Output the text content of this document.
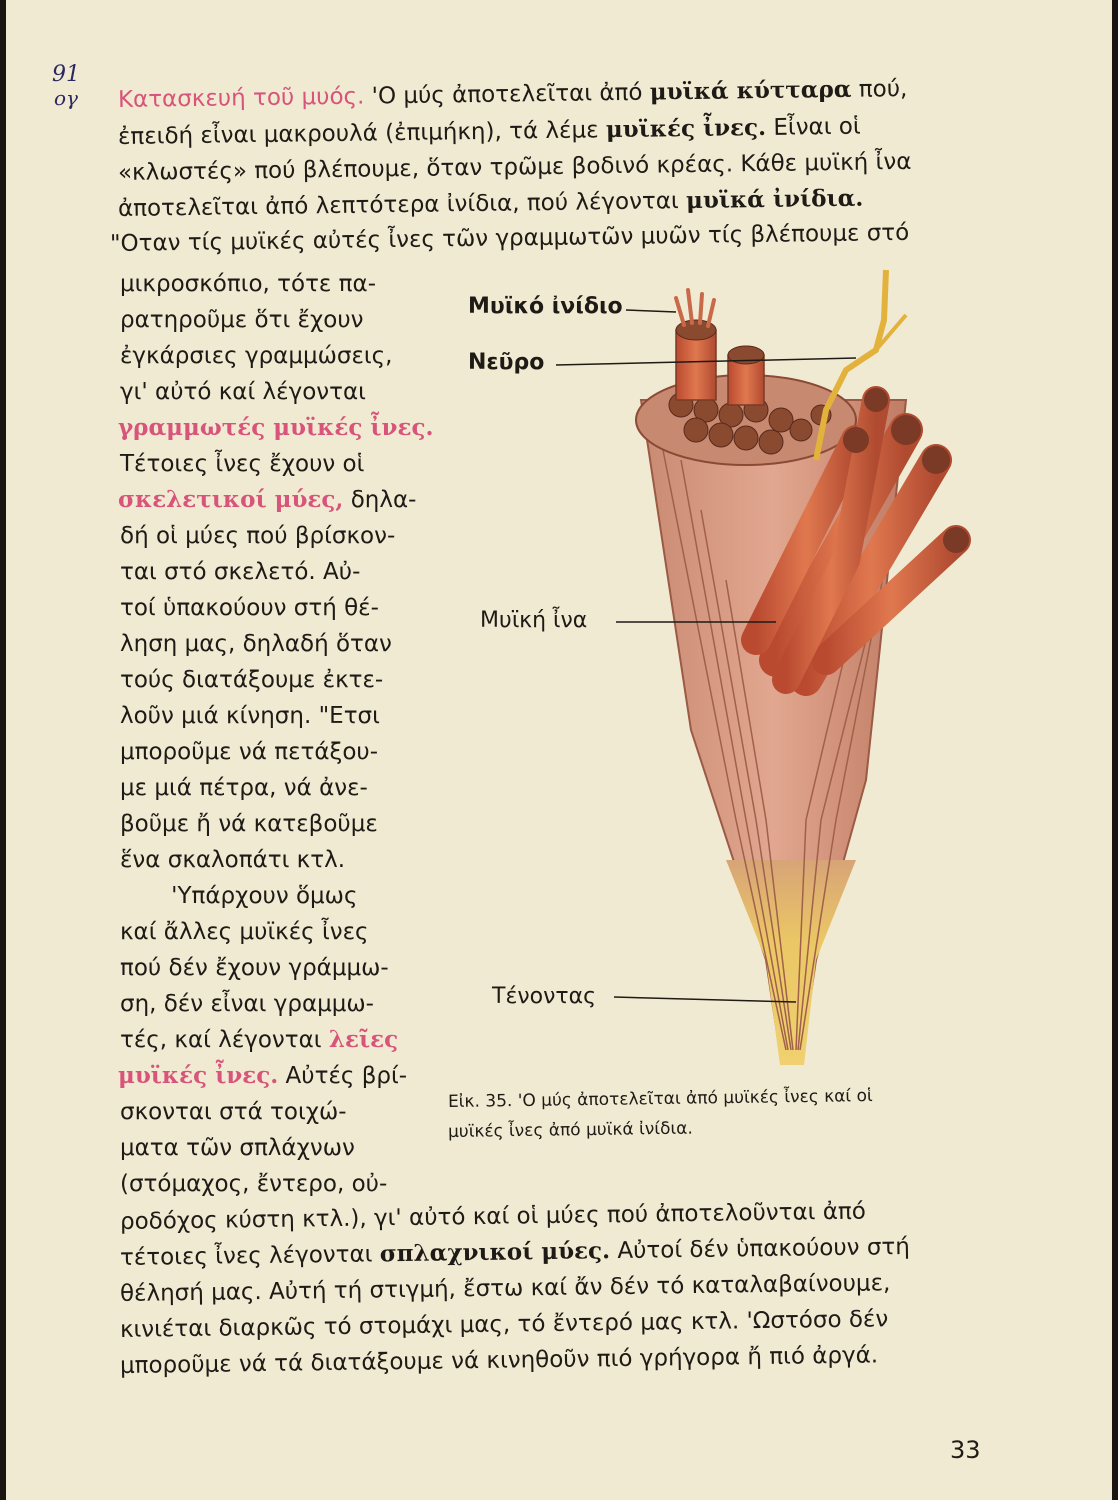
91
ογ Κατασκευή τοῦ μυός. 'Ο μύς ἀποτελεῖται ἀπό μυϊκά κύτταρα πού,
ἐπειδή εἶναι μακρουλά (ἐπιμήκη), τά λέμε μυϊκές ἶνες. Εἶναι οἱ
«κλωστές» πού βλέπουμε, ὅταν τρῶμε βοδινό κρέας. Κάθε μυϊκή ἶνα
ἀποτελεῖται ἀπό λεπτότερα ἰνίδια, πού λέγονται μυϊκά ἰνίδια.
"Οταν τίς μυϊκές αὐτές ἶνες τῶν γραμμωτῶν μυῶν τίς βλέπουμε στό
μικροσκόπιο, τότε πα-
ρατηροῦμε ὅτι ἔχουν
ἐγκάρσιες γραμμώσεις,
γι' αὐτό καί λέγονται
γραμμωτές μυϊκές ἶνες.
Τέτοιες ἶνες ἔχουν οἱ
σκελετικοί μύες, δηλα-
δή οἱ μύες πού βρίσκον-
ται στό σκελετό. Αὐ-
τοί ὑπακούουν στή θέ-
ληση μας, δηλαδή ὅταν
τούς διατάξουμε ἐκτε-
λοῦν μιά κίνηση. "Ετσι
μποροῦμε νά πετάξου-
με μιά πέτρα, νά ἀνε-
βοῦμε ἤ νά κατεβοῦμε
ἕνα σκαλοπάτι κτλ.
'Υπάρχουν ὅμως
καί ἄλλες μυϊκές ἶνες
πού δέν ἔχουν γράμμω-
ση, δέν εἶναι γραμμω-
τές, καί λέγονται λεῖες
μυϊκές ἶνες. Αὐτές βρί-
σκονται στά τοιχώ-
ματα τῶν σπλάχνων
(στόμαχος, ἔντερο, οὐ-
ροδόχος κύστη κτλ.), γι' αὐτό καί οἱ μύες πού ἀποτελοῦνται ἀπό
τέτοιες ἶνες λέγονται σπλαχνικοί μύες. Αὐτοί δέν ὑπακούουν στή
θέλησή μας. Αὐτή τή στιγμή, ἔστω καί ἄν δέν τό καταλαβαίνουμε,
κινιέται διαρκῶς τό στομάχι μας, τό ἔντερό μας κτλ. 'Ωστόσο δέν
μποροῦμε νά τά διατάξουμε νά κινηθοῦν πιό γρήγορα ἤ πιό ἀργά.
Μυϊκό ἰνίδιο
Νεῦρο
Μυϊκή ἶνα
Τένοντας
Εἰκ. 35. 'Ο μύς ἀποτελεῖται ἀπό μυϊκές ἶνες καί οἱ
μυϊκές ἶνες ἀπό μυϊκά ἰνίδια.
33
